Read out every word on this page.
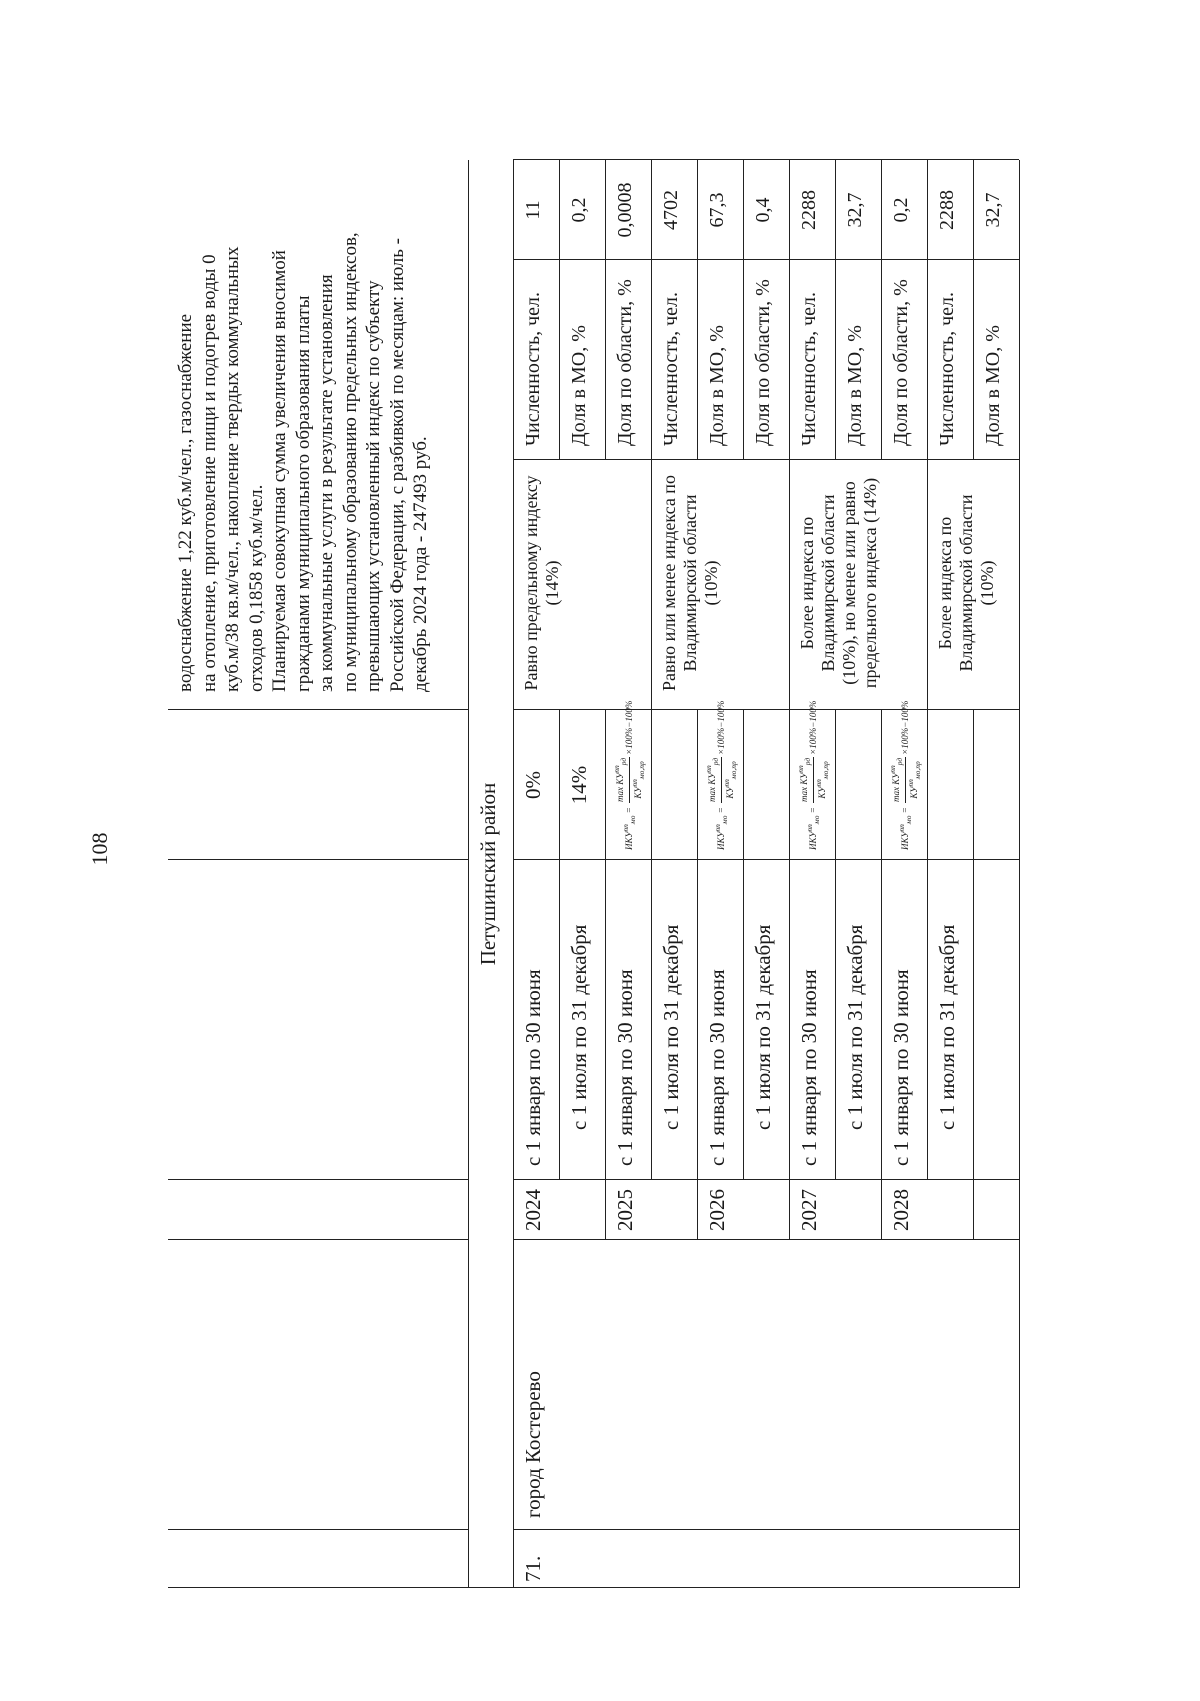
108
водоснабжение 1,22 куб.м/чел., газоснабжение на отопление, приготовление пищи и подогрев воды 0 куб.м/38 кв.м/чел., накопление твердых коммунальных отходов 0,1858 куб.м/чел. Планируемая совокупная сумма увеличения вносимой гражданами муниципального образования платы за коммунальные услуги в результате установления по муниципальному образованию предельных индексов, превышающих установленный индекс по субъекту Российской Федерации, с разбивкой по месяцам: июль - декабрь 2024 года - 247493 руб.
Петушинский район
71.
город Костерево
2024
с 1 января по 30 июня с 1 июля по 31 декабря
0% 14%
2025
с 1 января по 30 июня с 1 июля по 31 декабря
$ИКУ^{пп}_{мо}$
=
$\max КУ^{пп}_{рд}$
$КУ^{пп}_{мо,пр}$
×100%−100%
2026
с 1 января по 30 июня с 1 июля по 31 декабря
$ИКУ^{пп}_{мо}$
=
$\max КУ^{пп}_{рд}$
$КУ^{пп}_{мо,пр}$
×100%−100%
2027
с 1 января по 30 июня с 1 июля по 31 декабря
$ИКУ^{пп}_{мо}$
=
$\max КУ^{пп}_{рд}$
$КУ^{пп}_{мо,пр}$
×100%−100%
2028
с 1 января по 30 июня с 1 июля по 31 декабря
$ИКУ^{пп}_{мо}$
=
$\max КУ^{пп}_{рд}$
$КУ^{пп}_{мо,пр}$
×100%−100%
Равно предельному индексу (14%)
Численность, чел.
11
Доля в МО, %
0,2
Доля по области, %
0,0008
Равно или менее индекса по Владимирской области (10%)
Численность, чел.
4702
Доля в МО, %
67,3
Доля по области, %
0,4
Более индекса по Владимирской области (10%), но менее или равно предельного индекса (14%)
Численность, чел.
2288
Доля в МО, %
32,7
Доля по области, %
0,2
Более индекса по Владимирской области (10%)
Численность, чел.
2288
Доля в МО, %
32,7
